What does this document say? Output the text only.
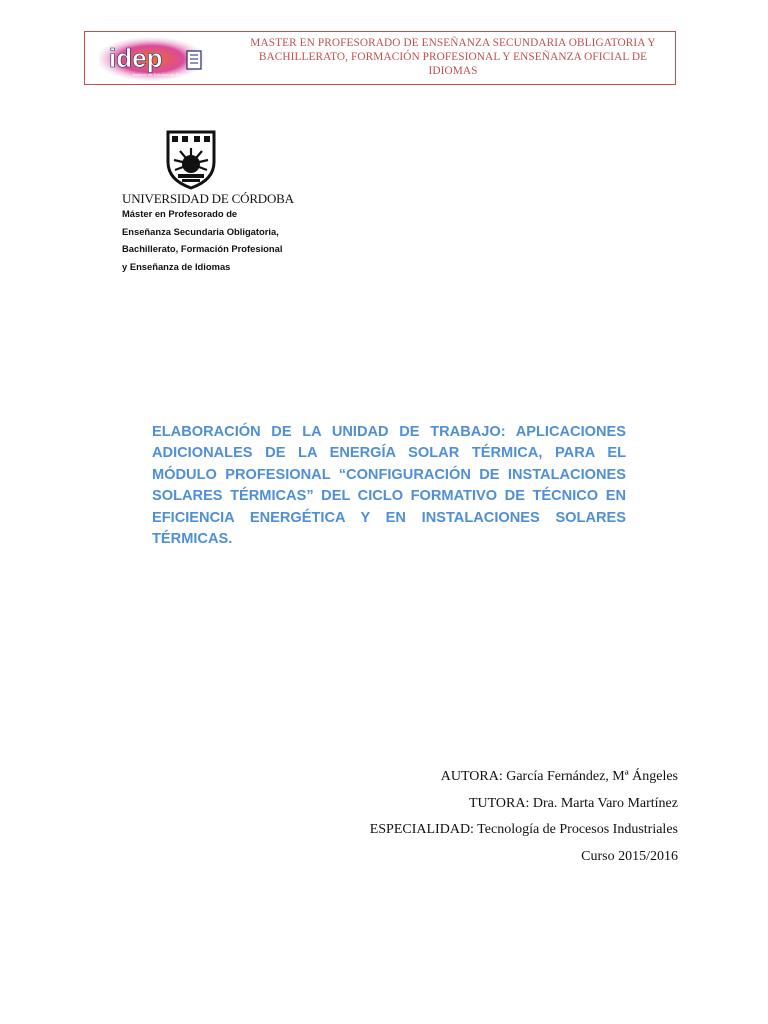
idep
Instituto de Estudios de Posgrado
MASTER EN PROFESORADO DE ENSEÑANZA SECUNDARIA OBLIGATORIA Y
BACHILLERATO, FORMACIÓN PROFESIONAL Y ENSEÑANZA OFICIAL DE
IDIOMAS
UNIVERSIDAD DE CÓRDOBA
Máster en Profesorado de
Enseñanza Secundaria Obligatoria,
Bachillerato, Formación Profesional
y Enseñanza de Idiomas

ELABORACIÓN DE LA UNIDAD DE TRABAJO: APLICACIONES ADICIONALES DE LA ENERGÍA SOLAR TÉRMICA, PARA EL MÓDULO PROFESIONAL “CONFIGURACIÓN DE INSTALACIONES SOLARES TÉRMICAS” DEL CICLO FORMATIVO DE TÉCNICO EN EFICIENCIA ENERGÉTICA Y EN INSTALACIONES SOLARES TÉRMICAS.

AUTORA: García Fernández, Mª Ángeles
TUTORA: Dra. Marta Varo Martínez
ESPECIALIDAD: Tecnología de Procesos Industriales
Curso 2015/2016
